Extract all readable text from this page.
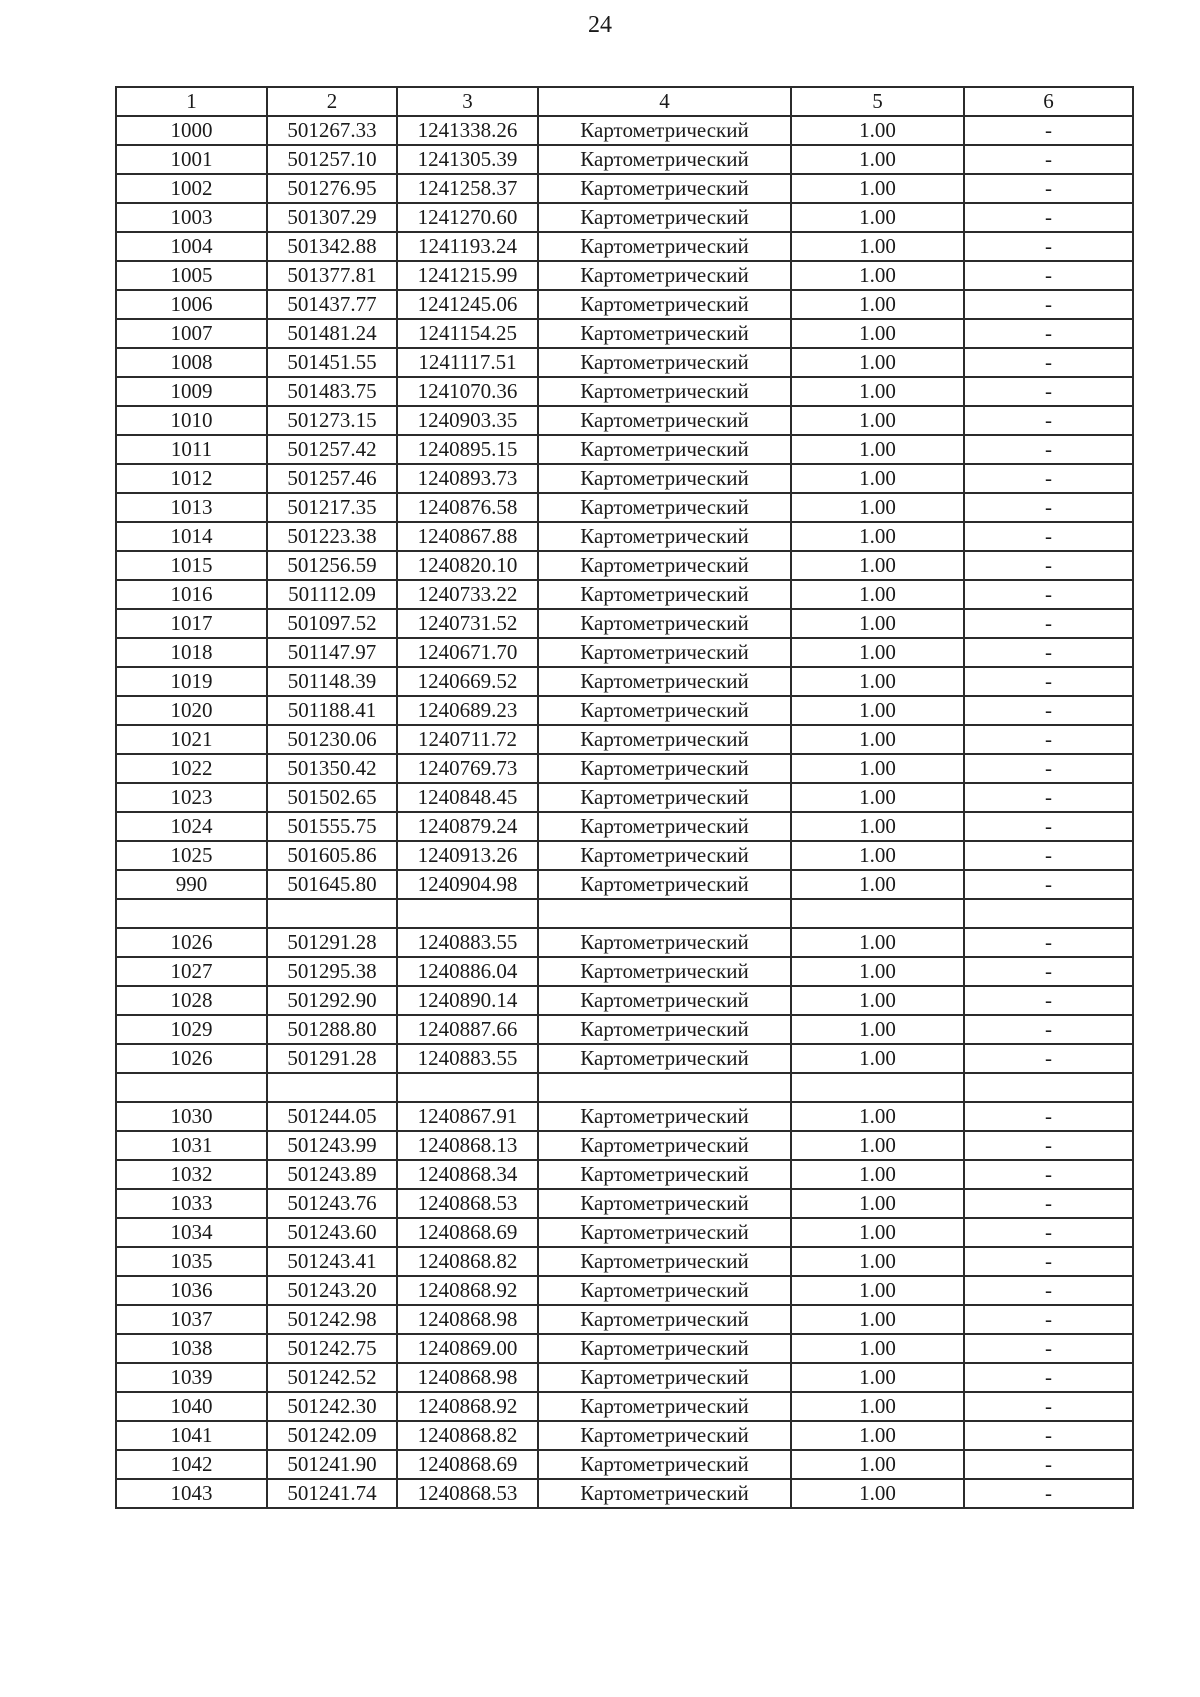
24
1	2	3	4	5	6
1000	501267.33	1241338.26	Картометрический	1.00	-
1001	501257.10	1241305.39	Картометрический	1.00	-
1002	501276.95	1241258.37	Картометрический	1.00	-
1003	501307.29	1241270.60	Картометрический	1.00	-
1004	501342.88	1241193.24	Картометрический	1.00	-
1005	501377.81	1241215.99	Картометрический	1.00	-
1006	501437.77	1241245.06	Картометрический	1.00	-
1007	501481.24	1241154.25	Картометрический	1.00	-
1008	501451.55	1241117.51	Картометрический	1.00	-
1009	501483.75	1241070.36	Картометрический	1.00	-
1010	501273.15	1240903.35	Картометрический	1.00	-
1011	501257.42	1240895.15	Картометрический	1.00	-
1012	501257.46	1240893.73	Картометрический	1.00	-
1013	501217.35	1240876.58	Картометрический	1.00	-
1014	501223.38	1240867.88	Картометрический	1.00	-
1015	501256.59	1240820.10	Картометрический	1.00	-
1016	501112.09	1240733.22	Картометрический	1.00	-
1017	501097.52	1240731.52	Картометрический	1.00	-
1018	501147.97	1240671.70	Картометрический	1.00	-
1019	501148.39	1240669.52	Картометрический	1.00	-
1020	501188.41	1240689.23	Картометрический	1.00	-
1021	501230.06	1240711.72	Картометрический	1.00	-
1022	501350.42	1240769.73	Картометрический	1.00	-
1023	501502.65	1240848.45	Картометрический	1.00	-
1024	501555.75	1240879.24	Картометрический	1.00	-
1025	501605.86	1240913.26	Картометрический	1.00	-
990	501645.80	1240904.98	Картометрический	1.00	-

1026	501291.28	1240883.55	Картометрический	1.00	-
1027	501295.38	1240886.04	Картометрический	1.00	-
1028	501292.90	1240890.14	Картометрический	1.00	-
1029	501288.80	1240887.66	Картометрический	1.00	-
1026	501291.28	1240883.55	Картометрический	1.00	-

1030	501244.05	1240867.91	Картометрический	1.00	-
1031	501243.99	1240868.13	Картометрический	1.00	-
1032	501243.89	1240868.34	Картометрический	1.00	-
1033	501243.76	1240868.53	Картометрический	1.00	-
1034	501243.60	1240868.69	Картометрический	1.00	-
1035	501243.41	1240868.82	Картометрический	1.00	-
1036	501243.20	1240868.92	Картометрический	1.00	-
1037	501242.98	1240868.98	Картометрический	1.00	-
1038	501242.75	1240869.00	Картометрический	1.00	-
1039	501242.52	1240868.98	Картометрический	1.00	-
1040	501242.30	1240868.92	Картометрический	1.00	-
1041	501242.09	1240868.82	Картометрический	1.00	-
1042	501241.90	1240868.69	Картометрический	1.00	-
1043	501241.74	1240868.53	Картометрический	1.00	-
